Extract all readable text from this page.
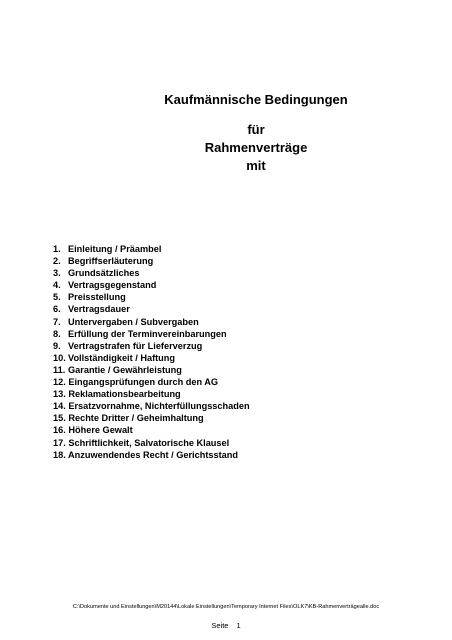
Kaufmännische Bedingungen
für
Rahmenverträge
mit
1. Einleitung / Präambel
2. Begriffserläuterung
3. Grundsätzliches
4. Vertragsgegenstand
5. Preisstellung
6. Vertragsdauer
7. Untervergaben / Subvergaben
8. Erfüllung der Terminvereinbarungen
9. Vertragstrafen für Lieferverzug
10. Vollständigkeit / Haftung
11. Garantie / Gewährleistung
12. Eingangsprüfungen durch den AG
13. Reklamationsbearbeitung
14. Ersatzvornahme, Nichterfüllungsschaden
15. Rechte Dritter / Geheimhaltung
16. Höhere Gewalt
17. Schriftlichkeit, Salvatorische Klausel
18. Anzuwendendes Recht / Gerichtsstand
C:\Dokumente und Einstellungen\M20144\Lokale Einstellungen\Temporary Internet Files\OLK7\KB-Rahmenverträgealle.doc
Seite 1
